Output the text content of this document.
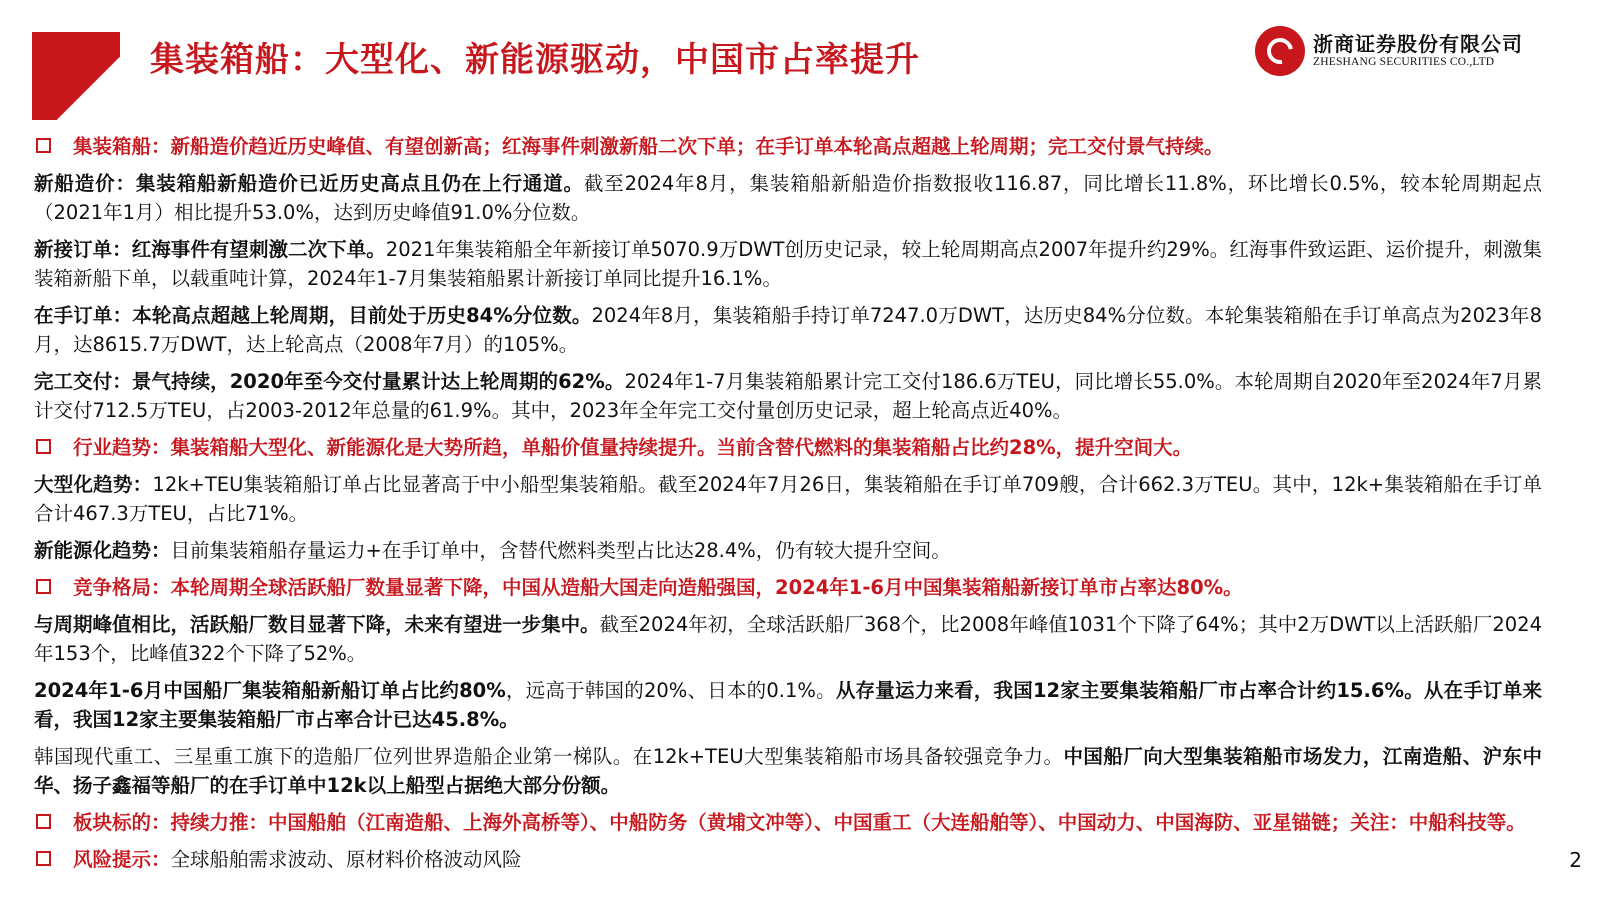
集装箱船：大型化、新能源驱动，中国市占率提升	浙商证券股份有限公司
ZHESHANG SECURITIES CO.,LTD
集装箱船：新船造价趋近历史峰值、有望创新高；红海事件刺激新船二次下单；在手订单本轮高点超越上轮周期；完工交付景气持续。

新船造价：集装箱船新船造价已近历史高点且仍在上行通道。截至2024年8月，集装箱船新船造价指数报收116.87，同比增长11.8%，环比增长0.5%，较本轮周期起点（2021年1月）相比提升53.0%，达到历史峰值91.0%分位数。

新接订单：红海事件有望刺激二次下单。2021年集装箱船全年新接订单5070.9万DWT创历史记录，较上轮周期高点2007年提升约29%。红海事件致运距、运价提升，刺激集装箱新船下单，以载重吨计算，2024年1-7月集装箱船累计新接订单同比提升16.1%。

在手订单：本轮高点超越上轮周期，目前处于历史84%分位数。2024年8月，集装箱船手持订单7247.0万DWT，达历史84%分位数。本轮集装箱船在手订单高点为2023年8月，达8615.7万DWT，达上轮高点（2008年7月）的105%。

完工交付：景气持续，2020年至今交付量累计达上轮周期的62%。2024年1-7月集装箱船累计完工交付186.6万TEU，同比增长55.0%。本轮周期自2020年至2024年7月累计交付712.5万TEU，占2003-2012年总量的61.9%。其中，2023年全年完工交付量创历史记录，超上轮高点近40%。

行业趋势：集装箱船大型化、新能源化是大势所趋，单船价值量持续提升。当前含替代燃料的集装箱船占比约28%，提升空间大。

大型化趋势：12k+TEU集装箱船订单占比显著高于中小船型集装箱船。截至2024年7月26日，集装箱船在手订单709艘，合计662.3万TEU。其中，12k+集装箱船在手订单合计467.3万TEU，占比71%。

新能源化趋势：目前集装箱船存量运力+在手订单中，含替代燃料类型占比达28.4%，仍有较大提升空间。

竞争格局：本轮周期全球活跃船厂数量显著下降，中国从造船大国走向造船强国，2024年1-6月中国集装箱船新接订单市占率达80%。

与周期峰值相比，活跃船厂数目显著下降，未来有望进一步集中。截至2024年初，全球活跃船厂368个，比2008年峰值1031个下降了64%；其中2万DWT以上活跃船厂2024年153个，比峰值322个下降了52%。

2024年1-6月中国船厂集装箱船新船订单占比约80%，远高于韩国的20%、日本的0.1%。从存量运力来看，我国12家主要集装箱船厂市占率合计约15.6%。从在手订单来看，我国12家主要集装箱船厂市占率合计已达45.8%。

韩国现代重工、三星重工旗下的造船厂位列世界造船企业第一梯队。在12k+TEU大型集装箱船市场具备较强竞争力。中国船厂向大型集装箱船市场发力，江南造船、沪东中华、扬子鑫福等船厂的在手订单中12k以上船型占据绝大部分份额。

板块标的：持续力推：中国船舶（江南造船、上海外高桥等）、中船防务（黄埔文冲等）、中国重工（大连船舶等）、中国动力、中国海防、亚星锚链；关注：中船科技等。
风险提示：全球船舶需求波动、原材料价格波动风险	2
